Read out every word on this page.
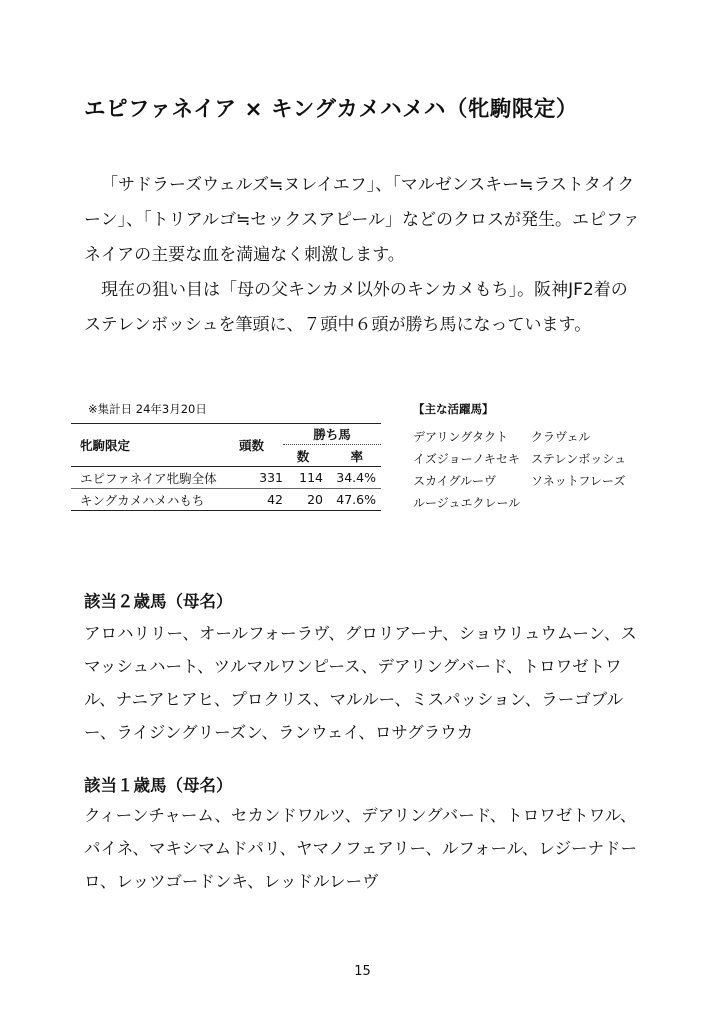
エピファネイア × キングカメハメハ（牝駒限定）

「サドラーズウェルズ≒ヌレイエフ」、「マルゼンスキー≒ラストタイクーン」、「トリアルゴ≒セックスアピール」などのクロスが発生。エピファネイアの主要な血を満遍なく刺激します。

現在の狙い目は「母の父キンカメ以外のキンカメもち」。阪神JF2着のステレンボッシュを筆頭に、７頭中６頭が勝ち馬になっています。

※集計日 24年3月20日
牝駒限定	頭数	勝ち馬	
		数	率
エピファネイア牝駒全体	331	114	34.4%
キングカメハメハもち	42	20	47.6%
【主な活躍馬】
デアリングタクト	クラヴェル
イズジョーノキセキ ステレンボッシュ
スカイグルーヴ	ソネットフレーズ
ルージュエクレール
該当２歳馬（母名）
アロハリリー、オールフォーラヴ、グロリアーナ、ショウリュウムーン、スマッシュハート、ツルマルワンピース、デアリングバード、トロワゼトワル、ナニアヒアヒ、プロクリス、マルルー、ミスパッション、ラーゴブルー、ライジングリーズン、ランウェイ、ロサグラウカ
該当１歳馬（母名）
クィーンチャーム、セカンドワルツ、デアリングバード、トロワゼトワル、パイネ、マキシマムドパリ、ヤマノフェアリー、ルフォール、レジーナドーロ、レッツゴードンキ、レッドルレーヴ
15
